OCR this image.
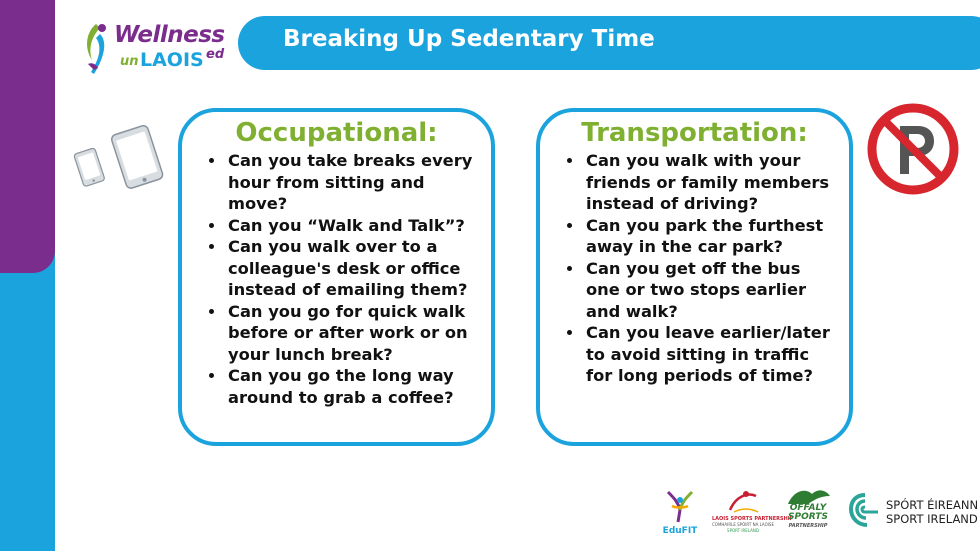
Wellness
un LAOIS ed
Breaking Up Sedentary Time
Occupational:
• Can you take breaks every hour from sitting and move?
• Can you “Walk and Talk”?
• Can you walk over to a colleague's desk or office instead of emailing them?
• Can you go for quick walk before or after work or on your lunch break?
• Can you go the long way around to grab a coffee?
Transportation:
• Can you walk with your friends or family members instead of driving?
• Can you park the furthest away in the car park?
• Can you get off the bus one or two stops earlier and walk?
• Can you leave earlier/later to avoid sitting in traffic for long periods of time?
EduFIT
LAOIS SPORTS PARTNERSHIP
COMHAIRLE SPÓIRT NA LAOISE
SPORT IRELAND
OFFALY
SPORTS
PARTNERSHIP
SPÓRT ÉIREANN
SPORT IRELAND
